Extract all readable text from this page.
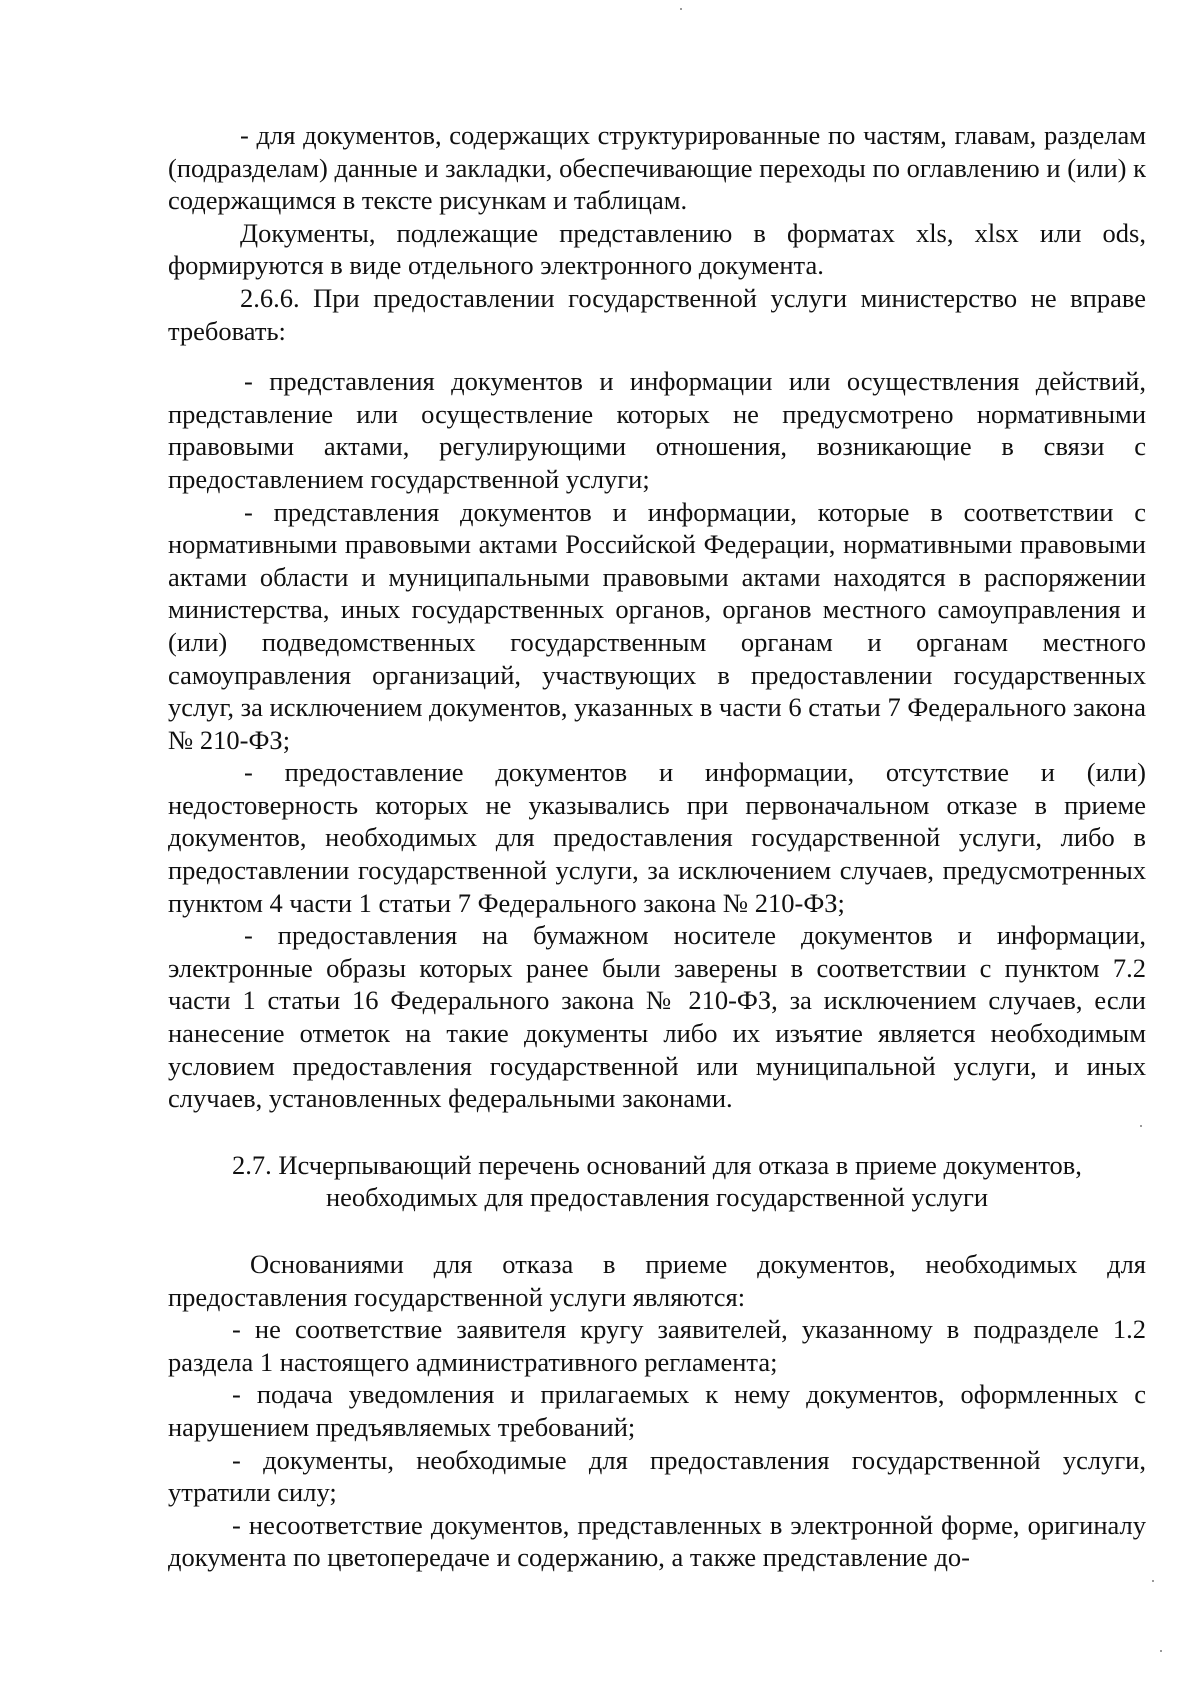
- для документов, содержащих структурированные по частям, главам, разделам (подразделам) данные и закладки, обеспечивающие переходы по оглавлению и (или) к содержащимся в тексте рисункам и таблицам.

Документы, подлежащие представлению в форматах xls, xlsx или ods, формируются в виде отдельного электронного документа.

2.6.6. При предоставлении государственной услуги министерство не вправе требовать:

- представления документов и информации или осуществления действий, представление или осуществление которых не предусмотрено нормативными правовыми актами, регулирующими отношения, возникающие в связи с предоставлением государственной услуги;

- представления документов и информации, которые в соответствии с нормативными правовыми актами Российской Федерации, нормативными правовыми актами области и муниципальными правовыми актами находятся в распоряжении министерства, иных государственных органов, органов местного самоуправления и (или) подведомственных государственным органам и органам местного самоуправления организаций, участвующих в предоставлении государственных услуг, за исключением документов, указанных в части 6 статьи 7 Федерального закона № 210-ФЗ;

- предоставление документов и информации, отсутствие и (или) недостоверность которых не указывались при первоначальном отказе в приеме документов, необходимых для предоставления государственной услуги, либо в предоставлении государственной услуги, за исключением случаев, предусмотренных пунктом 4 части 1 статьи 7 Федерального закона № 210-ФЗ;

- предоставления на бумажном носителе документов и информации, электронные образы которых ранее были заверены в соответствии с пунктом 7.2 части 1 статьи 16 Федерального закона № 210-ФЗ, за исключением случаев, если нанесение отметок на такие документы либо их изъятие является необходимым условием предоставления государственной или муниципальной услуги, и иных случаев, установленных федеральными законами.

2.7. Исчерпывающий перечень оснований для отказа в приеме документов,
необходимых для предоставления государственной услуги

Основаниями для отказа в приеме документов, необходимых для предоставления государственной услуги являются:

- не соответствие заявителя кругу заявителей, указанному в подразделе 1.2 раздела 1 настоящего административного регламента;

- подача уведомления и прилагаемых к нему документов, оформленных с нарушением предъявляемых требований;

- документы, необходимые для предоставления государственной услуги, утратили силу;

- несоответствие документов, представленных в электронной форме, оригиналу документа по цветопередаче и содержанию, а также представление до-
